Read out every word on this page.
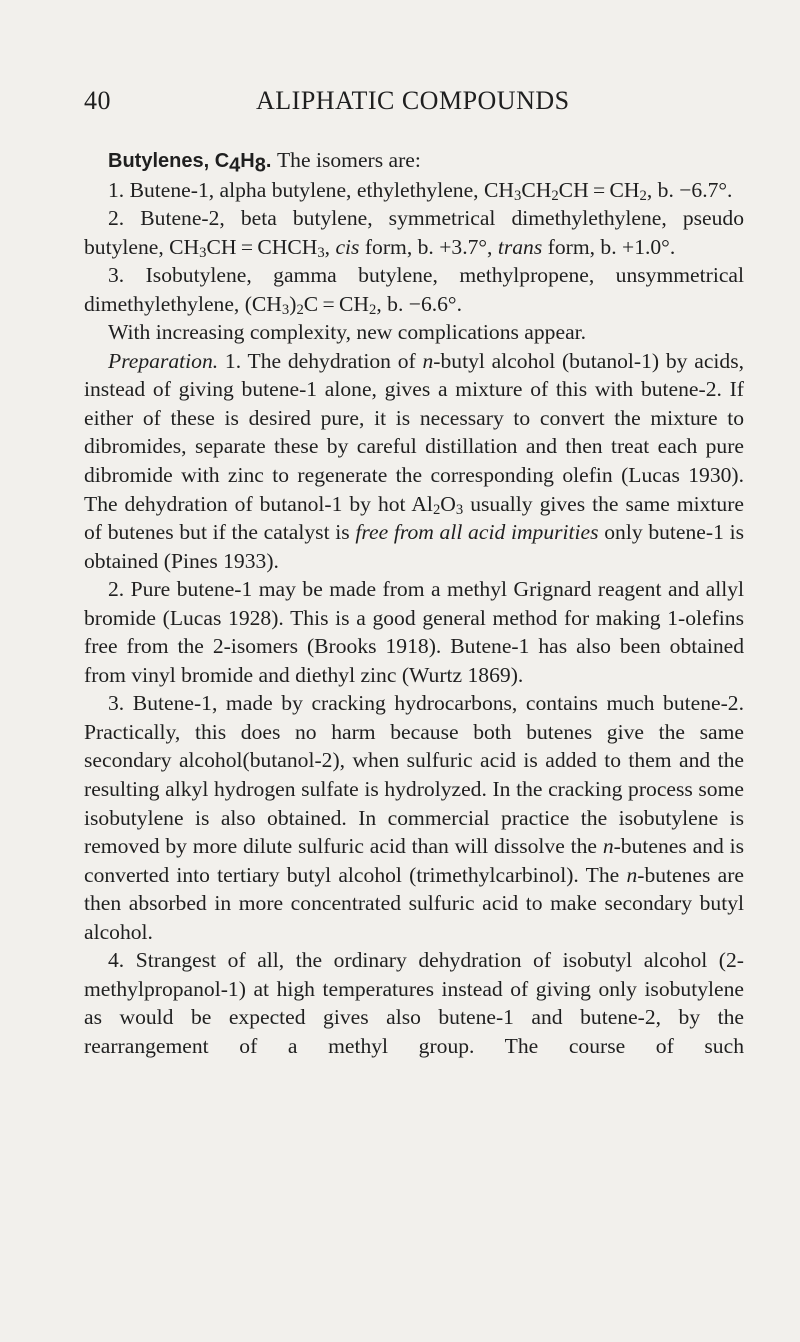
40	ALIPHATIC COMPOUNDS

Butylenes, $C_4H_8$. The isomers are:

1. Butene-1, alpha butylene, ethylethylene, $CH_3CH_2CH = CH_2$, b. −6.7°.

2. Butene-2, beta butylene, symmetrical dimethylethylene, pseudo butylene, $CH_3CH$ = $CHCH_3$, cis form, b. +3.7°, trans form, b. +1.0°.

3. Isobutylene, gamma butylene, methylpropene, unsymmetrical dimethylethylene, $(CH_3)_2C = CH_2$, b. −6.6°.

With increasing complexity, new complications appear.

Preparation. 1. The dehydration of n-butyl alcohol (butanol-1) by acids, instead of giving butene-1 alone, gives a mixture of this with butene-2. If either of these is desired pure, it is necessary to convert the mixture to dibromides, separate these by careful distillation and then treat each pure dibromide with zinc to regenerate the corresponding olefin (Lucas 1930). The dehydration of butanol-1 by hot $Al_2O_3$ usually gives the same mixture of butenes but if the catalyst is free from all acid impurities only butene-1 is obtained (Pines 1933).

2. Pure butene-1 may be made from a methyl Grignard reagent and allyl bromide (Lucas 1928). This is a good general method for making 1-olefins free from the 2-isomers (Brooks 1918). Butene-1 has also been obtained from vinyl bromide and diethyl zinc (Wurtz 1869).

3. Butene-1, made by cracking hydrocarbons, contains much butene-2. Practically, this does no harm because both butenes give the same secondary alcohol(butanol-2), when sulfuric acid is added to them and the resulting alkyl hydrogen sulfate is hydrolyzed. In the cracking process some isobutylene is also obtained. In commercial practice the isobutylene is removed by more dilute sulfuric acid than will dissolve the n-butenes and is converted into tertiary butyl alcohol (trimethylcarbinol). The n-butenes are then absorbed in more concentrated sulfuric acid to make secondary butyl alcohol.

4. Strangest of all, the ordinary dehydration of isobutyl alcohol (2-methylpropanol-1) at high temperatures instead of giving only isobutylene as would be expected gives also butene-1 and butene-2, by the rearrangement of a methyl group. The course of such
